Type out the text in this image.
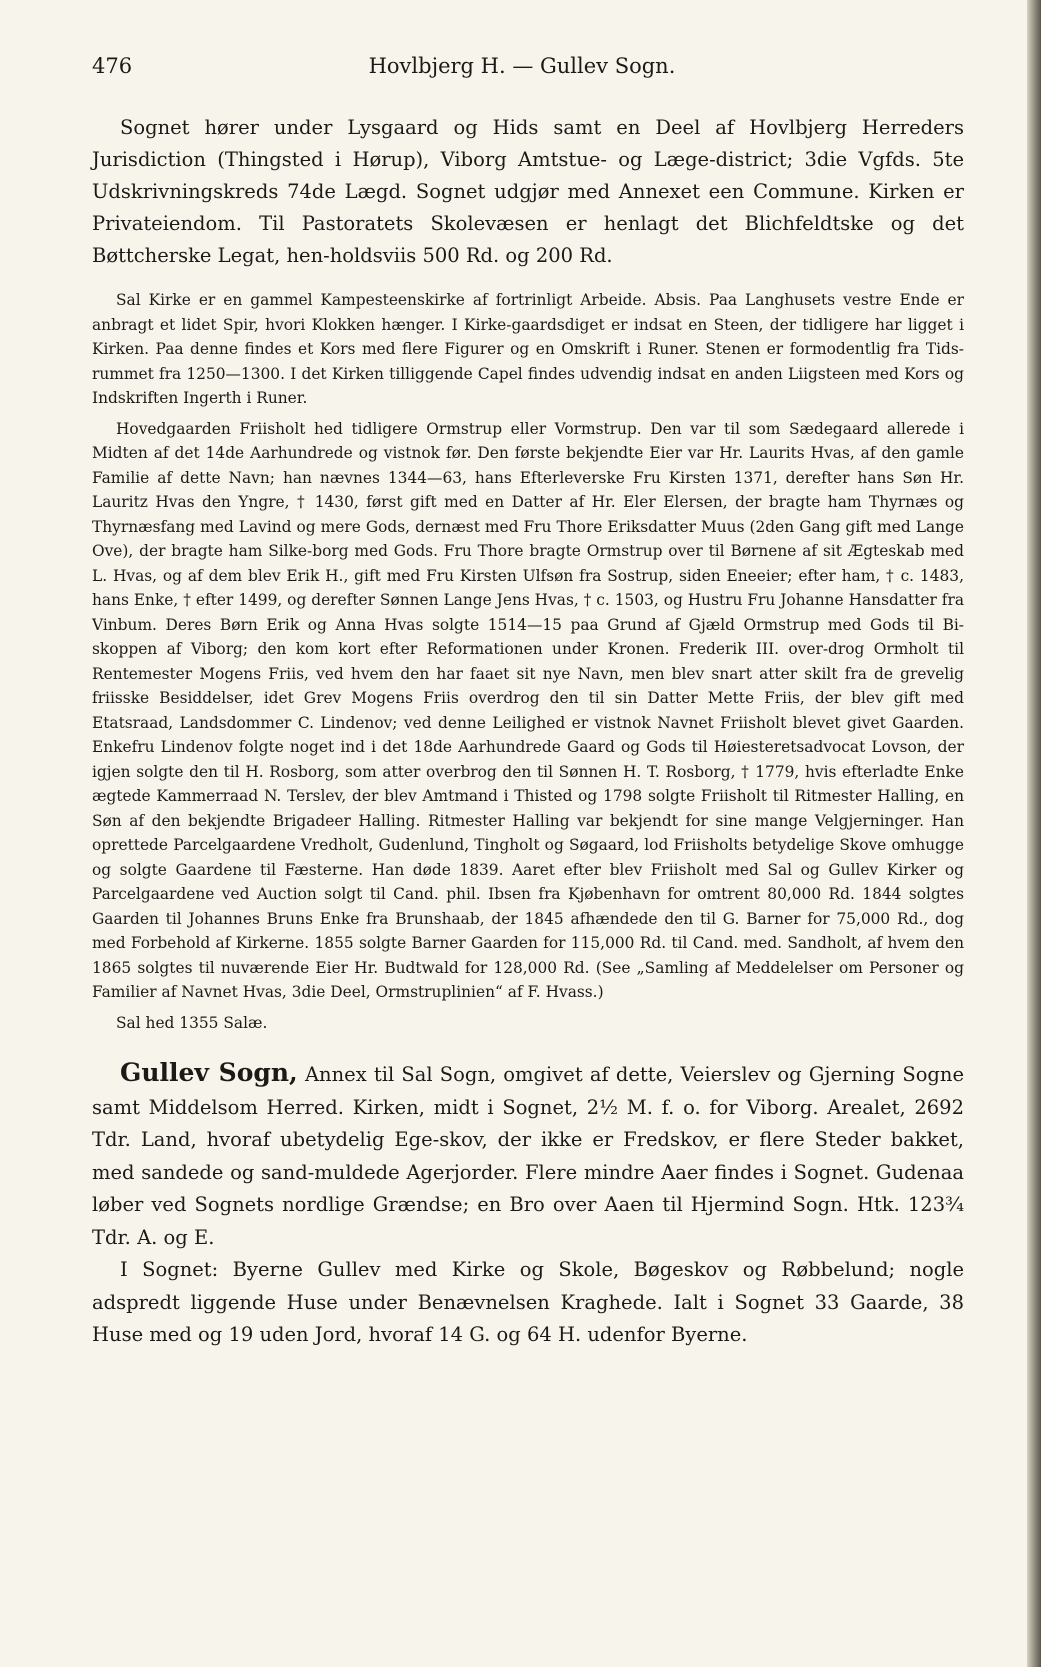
476	Hovlbjerg H. — Gullev Sogn.

Sognet hører under Lysgaard og Hids samt en Deel af Hovlbjerg Herreders Jurisdiction (Thingsted i Hørup), Viborg Amtstue- og Læge-district; 3die Vgfds. 5te Udskrivningskreds 74de Lægd. Sognet udgjør med Annexet een Commune. Kirken er Privateiendom. Til Pastoratets Skolevæsen er henlagt det Blichfeldtske og det Bøttcherske Legat, hen-holdsviis 500 Rd. og 200 Rd.

Sal Kirke er en gammel Kampesteenskirke af fortrinligt Arbeide. Absis. Paa Langhusets vestre Ende er anbragt et lidet Spir, hvori Klokken hænger. I Kirke-gaardsdiget er indsat en Steen, der tidligere har ligget i Kirken. Paa denne findes et Kors med flere Figurer og en Omskrift i Runer. Stenen er formodentlig fra Tids-rummet fra 1250—1300. I det Kirken tilliggende Capel findes udvendig indsat en anden Liigsteen med Kors og Indskriften Ingerth i Runer.

Hovedgaarden Friisholt hed tidligere Ormstrup eller Vormstrup. Den var til som Sædegaard allerede i Midten af det 14de Aarhundrede og vistnok før. Den første bekjendte Eier var Hr. Laurits Hvas, af den gamle Familie af dette Navn; han nævnes 1344—63, hans Efterleverske Fru Kirsten 1371, derefter hans Søn Hr. Lauritz Hvas den Yngre, † 1430, først gift med en Datter af Hr. Eler Elersen, der bragte ham Thyrnæs og Thyrnæsfang med Lavind og mere Gods, dernæst med Fru Thore Eriksdatter Muus (2den Gang gift med Lange Ove), der bragte ham Silke-borg med Gods. Fru Thore bragte Ormstrup over til Børnene af sit Ægteskab med L. Hvas, og af dem blev Erik H., gift med Fru Kirsten Ulfsøn fra Sostrup, siden Eneeier; efter ham, † c. 1483, hans Enke, † efter 1499, og derefter Sønnen Lange Jens Hvas, † c. 1503, og Hustru Fru Johanne Hansdatter fra Vinbum. Deres Børn Erik og Anna Hvas solgte 1514—15 paa Grund af Gjæld Ormstrup med Gods til Bi-skoppen af Viborg; den kom kort efter Reformationen under Kronen. Frederik III. over-drog Ormholt til Rentemester Mogens Friis, ved hvem den har faaet sit nye Navn, men blev snart atter skilt fra de grevelig friisske Besiddelser, idet Grev Mogens Friis overdrog den til sin Datter Mette Friis, der blev gift med Etatsraad, Landsdommer C. Lindenov; ved denne Leilighed er vistnok Navnet Friisholt blevet givet Gaarden. Enkefru Lindenov folgte noget ind i det 18de Aarhundrede Gaard og Gods til Høiesteretsadvocat Lovson, der igjen solgte den til H. Rosborg, som atter overbrog den til Sønnen H. T. Rosborg, † 1779, hvis efterladte Enke ægtede Kammerraad N. Terslev, der blev Amtmand i Thisted og 1798 solgte Friisholt til Ritmester Halling, en Søn af den bekjendte Brigadeer Halling. Ritmester Halling var bekjendt for sine mange Velgjerninger. Han oprettede Parcelgaardene Vredholt, Gudenlund, Tingholt og Søgaard, lod Friisholts betydelige Skove omhugge og solgte Gaardene til Fæsterne. Han døde 1839. Aaret efter blev Friisholt med Sal og Gullev Kirker og Parcelgaardene ved Auction solgt til Cand. phil. Ibsen fra Kjøbenhavn for omtrent 80,000 Rd. 1844 solgtes Gaarden til Johannes Bruns Enke fra Brunshaab, der 1845 afhændede den til G. Barner for 75,000 Rd., dog med Forbehold af Kirkerne. 1855 solgte Barner Gaarden for 115,000 Rd. til Cand. med. Sandholt, af hvem den 1865 solgtes til nuværende Eier Hr. Budtwald for 128,000 Rd. (See „Samling af Meddelelser om Personer og Familier af Navnet Hvas, 3die Deel, Ormstruplinien“ af F. Hvass.)

Sal hed 1355 Salæ.

Gullev Sogn, Annex til Sal Sogn, omgivet af dette, Veierslev og Gjerning Sogne samt Middelsom Herred. Kirken, midt i Sognet, 2½ M. f. o. for Viborg. Arealet, 2692 Tdr. Land, hvoraf ubetydelig Ege-skov, der ikke er Fredskov, er flere Steder bakket, med sandede og sand-muldede Agerjorder. Flere mindre Aaer findes i Sognet. Gudenaa løber ved Sognets nordlige Grændse; en Bro over Aaen til Hjermind Sogn. Htk. 123¾ Tdr. A. og E.

I Sognet: Byerne Gullev med Kirke og Skole, Bøgeskov og Røbbelund; nogle adspredt liggende Huse under Benævnelsen Kraghede. Ialt i Sognet 33 Gaarde, 38 Huse med og 19 uden Jord, hvoraf 14 G. og 64 H. udenfor Byerne.
